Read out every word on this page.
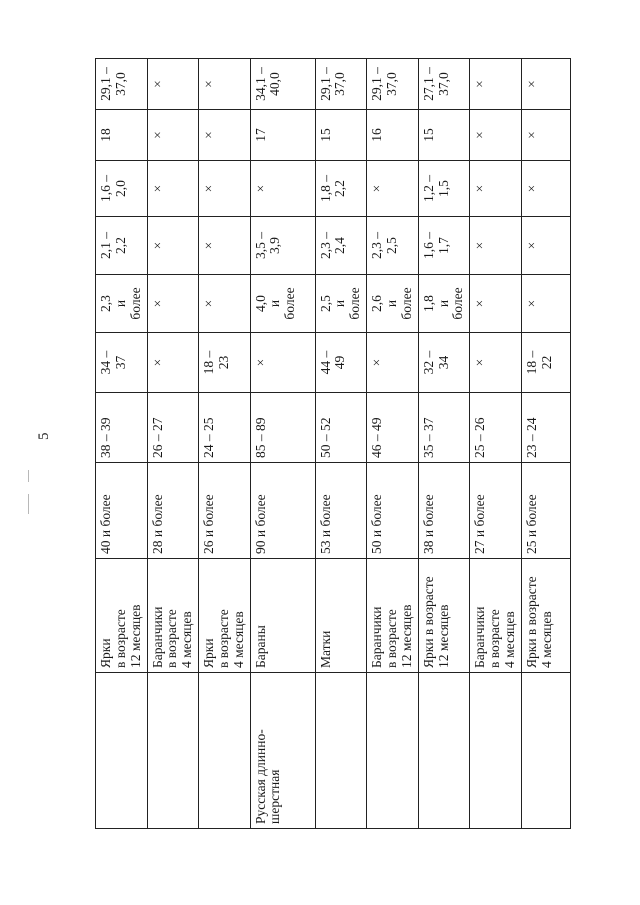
5

	Ярки
в возрасте
12 месяцев	40 и более	38 – 39	34 –
37	2,3
и
более	2,1 –
2,2	1,6 –
2,0	18	29,1 – 37,0

	Баранчики
в возрасте
4 месяцев	28 и более	26 – 27	×	×	×	×	×	×

	Ярки
в возрасте
4 месяцев	26 и более	24 – 25	18 –
23	×	×	×	×	×

Русская длинно-
шерстная	Бараны	90 и более	85 – 89	×	4,0
и
более	3,5 –
3,9	×	17	34,1 – 40,0

	Матки	53 и более	50 – 52	44 –
49	2,5
и
более	2,3 –
2,4	1,8 –
2,2	15	29,1 – 37,0

	Баранчики
в возрасте
12 месяцев	50 и более	46 – 49	×	2,6
и
более	2,3 –
2,5	×	16	29,1 – 37,0

	Ярки в возрасте
12 месяцев	38 и более	35 – 37	32 –
34	1,8
и
более	1,6 –
1,7	1,2 –
1,5	15	27,1 – 37,0

	Баранчики
в возрасте
4 месяцев	27 и более	25 – 26	×	×	×	×	×	×

	Ярки в возрасте
4 месяцев	25 и более	23 – 24	18 –
22	×	×	×	×	×
